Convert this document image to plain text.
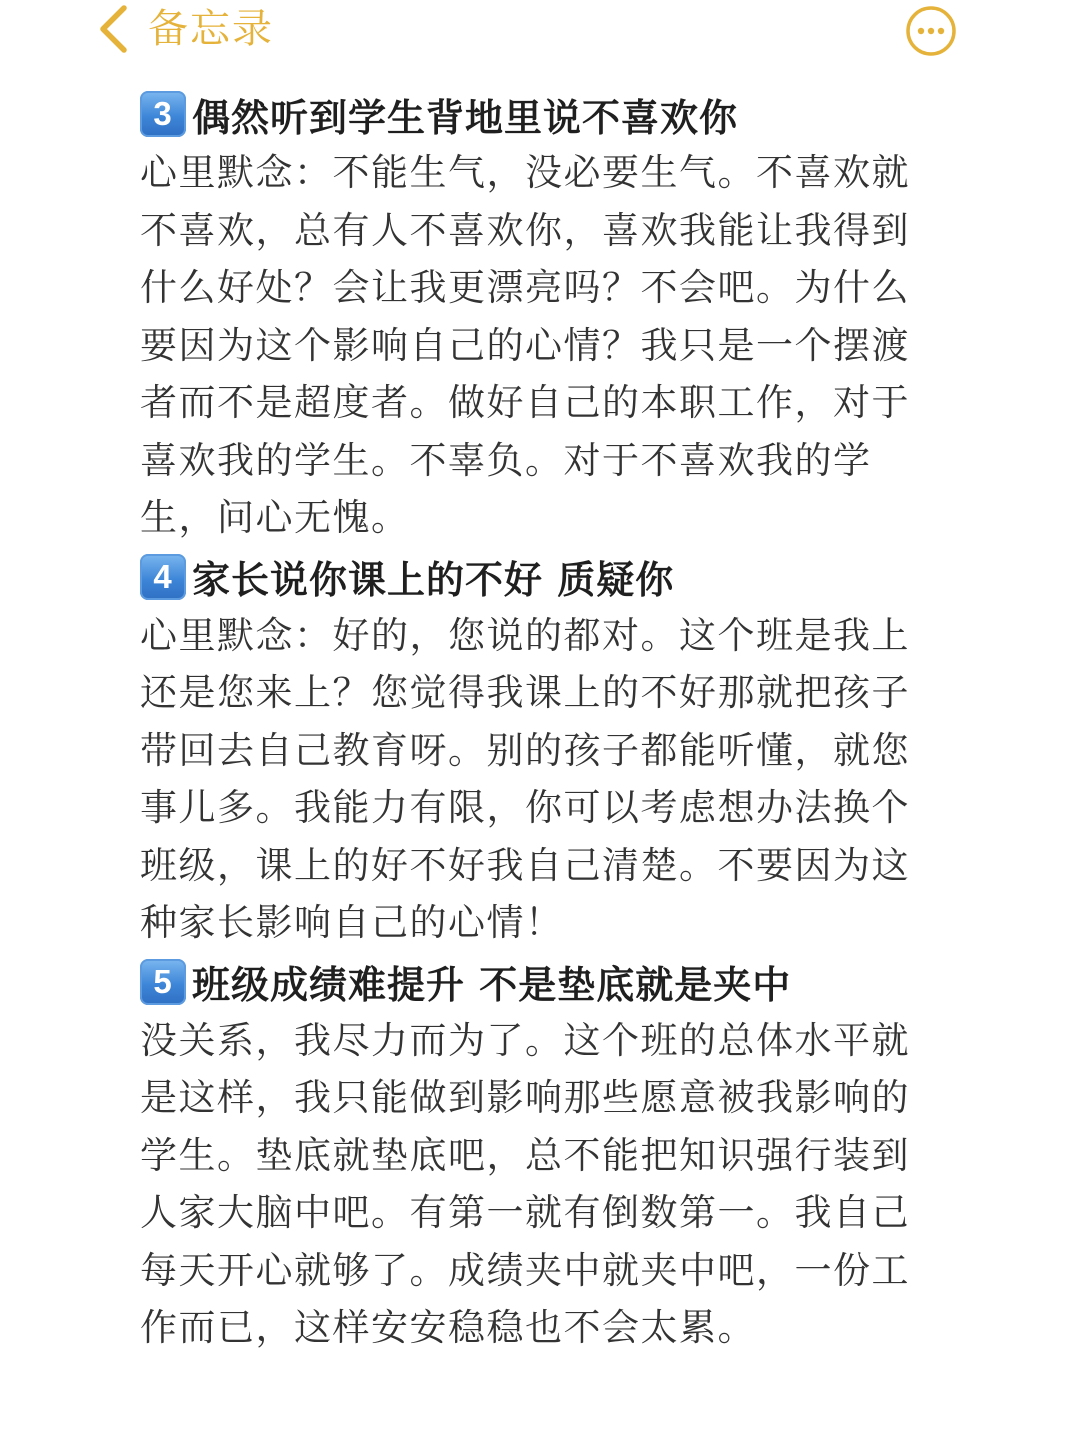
备忘录
3 偶然听到学生背地里说不喜欢你

心里默念：不能生气，没必要生气。不喜欢就不喜欢，总有人不喜欢你，喜欢我能让我得到什么好处？会让我更漂亮吗？不会吧。为什么要因为这个影响自己的心情？我只是一个摆渡者而不是超度者。做好自己的本职工作，对于喜欢我的学生。不辜负。对于不喜欢我的学生，问心无愧。

4 家长说你课上的不好 质疑你

心里默念：好的，您说的都对。这个班是我上还是您来上？您觉得我课上的不好那就把孩子带回去自己教育呀。别的孩子都能听懂，就您事儿多。我能力有限，你可以考虑想办法换个班级，课上的好不好我自己清楚。不要因为这种家长影响自己的心情！

5 班级成绩难提升 不是垫底就是夹中

没关系，我尽力而为了。这个班的总体水平就是这样，我只能做到影响那些愿意被我影响的学生。垫底就垫底吧，总不能把知识强行装到人家大脑中吧。有第一就有倒数第一。我自己每天开心就够了。成绩夹中就夹中吧，一份工作而已，这样安安稳稳也不会太累。
